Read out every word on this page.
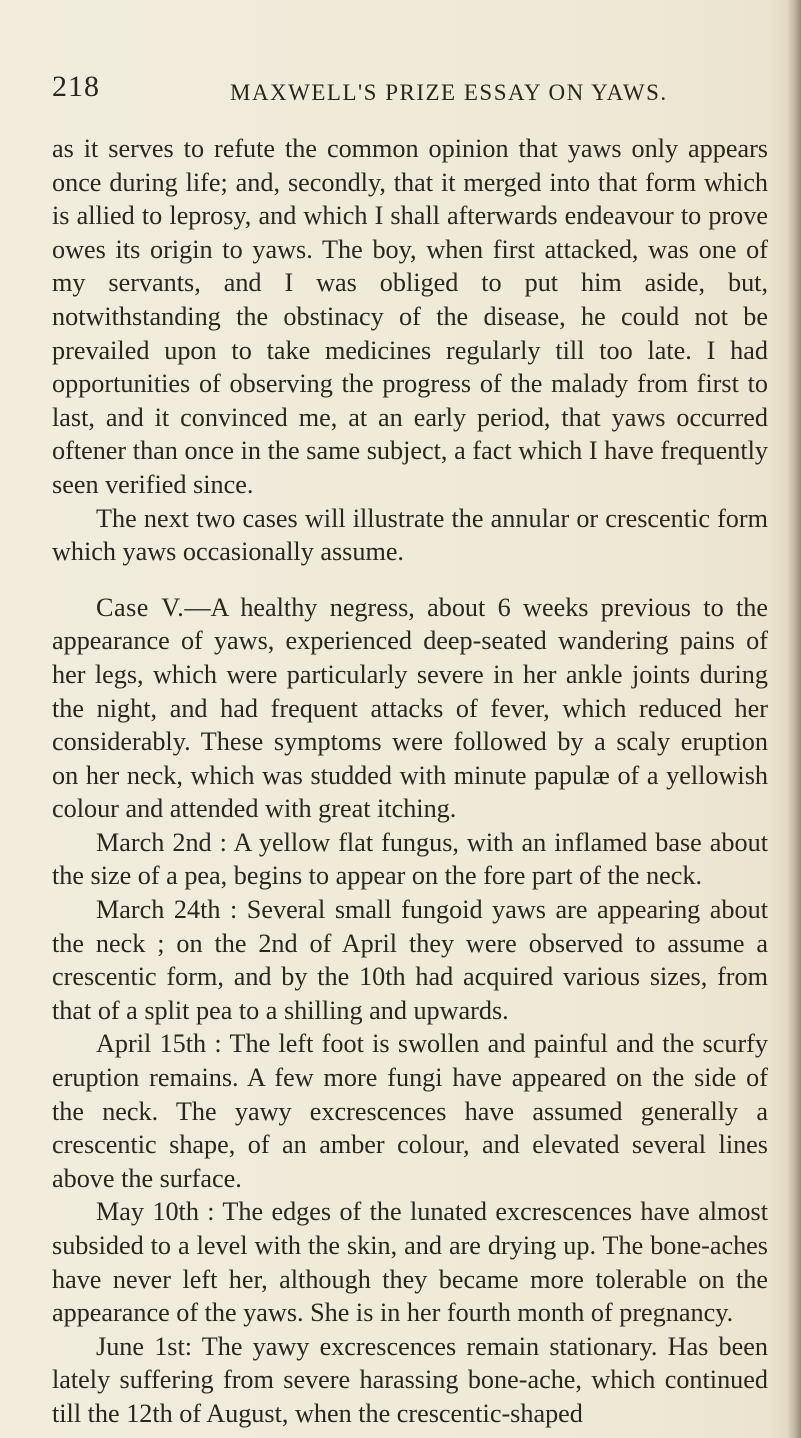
218	MAXWELL'S PRIZE ESSAY ON YAWS.

as it serves to refute the common opinion that yaws only appears once during life; and, secondly, that it merged into that form which is allied to leprosy, and which I shall afterwards endeavour to prove owes its origin to yaws. The boy, when first attacked, was one of my servants, and I was obliged to put him aside, but, notwithstanding the obstinacy of the disease, he could not be prevailed upon to take medicines regularly till too late. I had opportunities of observing the progress of the malady from first to last, and it convinced me, at an early period, that yaws occurred oftener than once in the same subject, a fact which I have frequently seen verified since.

The next two cases will illustrate the annular or crescentic form which yaws occasionally assume.

Case V.—A healthy negress, about 6 weeks previous to the appearance of yaws, experienced deep-seated wandering pains of her legs, which were particularly severe in her ankle joints during the night, and had frequent attacks of fever, which reduced her considerably. These symptoms were followed by a scaly eruption on her neck, which was studded with minute papulæ of a yellowish colour and attended with great itching.

March 2nd : A yellow flat fungus, with an inflamed base about the size of a pea, begins to appear on the fore part of the neck.

March 24th : Several small fungoid yaws are appearing about the neck ; on the 2nd of April they were observed to assume a crescentic form, and by the 10th had acquired various sizes, from that of a split pea to a shilling and upwards.

April 15th : The left foot is swollen and painful and the scurfy eruption remains. A few more fungi have appeared on the side of the neck. The yawy excrescences have assumed generally a crescentic shape, of an amber colour, and elevated several lines above the surface.

May 10th : The edges of the lunated excrescences have almost subsided to a level with the skin, and are drying up. The bone-aches have never left her, although they became more tolerable on the appearance of the yaws. She is in her fourth month of pregnancy.

June 1st: The yawy excrescences remain stationary. Has been lately suffering from severe harassing bone-ache, which continued till the 12th of August, when the crescentic-shaped
